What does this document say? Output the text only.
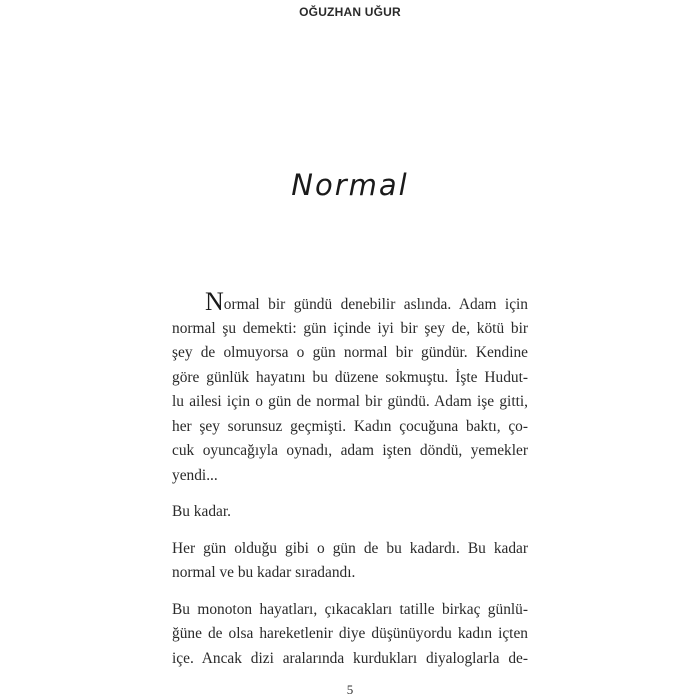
OĞUZHAN UĞUR
Normal
Normal bir gündü denebilir aslında. Adam için
normal şu demekti: gün içinde iyi bir şey de, kötü bir
şey de olmuyorsa o gün normal bir gündür. Kendine
göre günlük hayatını bu düzene sokmuştu. İşte Hudut-
lu ailesi için o gün de normal bir gündü. Adam işe gitti,
her şey sorunsuz geçmişti. Kadın çocuğuna baktı, ço-
cuk oyuncağıyla oynadı, adam işten döndü, yemekler
yendi...
Bu kadar.
Her gün olduğu gibi o gün de bu kadardı. Bu kadar
normal ve bu kadar sıradandı.
Bu monoton hayatları, çıkacakları tatille birkaç günlü-
ğüne de olsa hareketlenir diye düşünüyordu kadın içten
içe. Ancak dizi aralarında kurdukları diyaloglarla de-
5
